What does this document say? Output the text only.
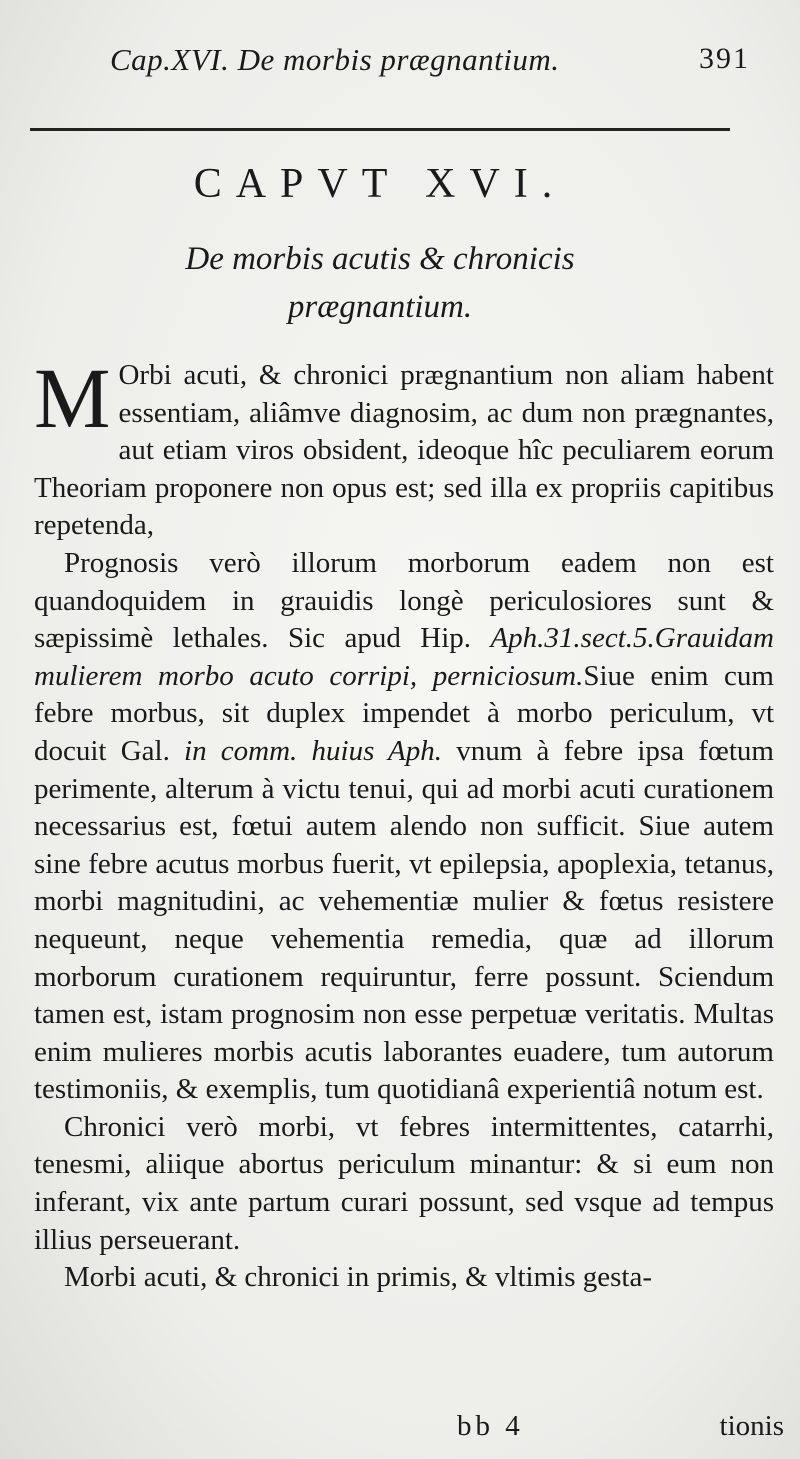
Cap.XVI. De morbis prægnantium.	391
CAPVT XVI.
De morbis acutis & chronicis
prægnantium.

M Orbi acuti, & chronici prægnantium non aliam habent essentiam, aliâmve diagnosim, ac dum non prægnantes, aut etiam viros obsident, ideoque hîc peculiarem eorum Theoriam proponere non opus est; sed illa ex propriis capitibus repetenda,

Prognosis verò illorum morborum eadem non est quandoquidem in grauidis longè periculosiores sunt & sæpissimè lethales. Sic apud Hip. Aph.31.sect.5.Grauidam mulierem morbo acuto corripi, perniciosum.Siue enim cum febre morbus, sit duplex impendet à morbo periculum, vt docuit Gal. in comm. huius Aph. vnum à febre ipsa fœtum perimente, alterum à victu tenui, qui ad morbi acuti curationem necessarius est, fœtui autem alendo non sufficit. Siue autem sine febre acutus morbus fuerit, vt epilepsia, apoplexia, tetanus, morbi magnitudini, ac vehementiæ mulier & fœtus resistere nequeunt, neque vehementia remedia, quæ ad illorum morborum curationem requiruntur, ferre possunt. Sciendum tamen est, istam prognosim non esse perpetuæ veritatis. Multas enim mulieres morbis acutis laborantes euadere, tum autorum testimoniis, & exemplis, tum quotidianâ experientiâ notum est.

Chronici verò morbi, vt febres intermittentes, catarrhi, tenesmi, aliique abortus periculum minantur: & si eum non inferant, vix ante partum curari possunt, sed vsque ad tempus illius perseuerant.

Morbi acuti, & chronici in primis, & vltimis gesta-

bb 4	tionis
